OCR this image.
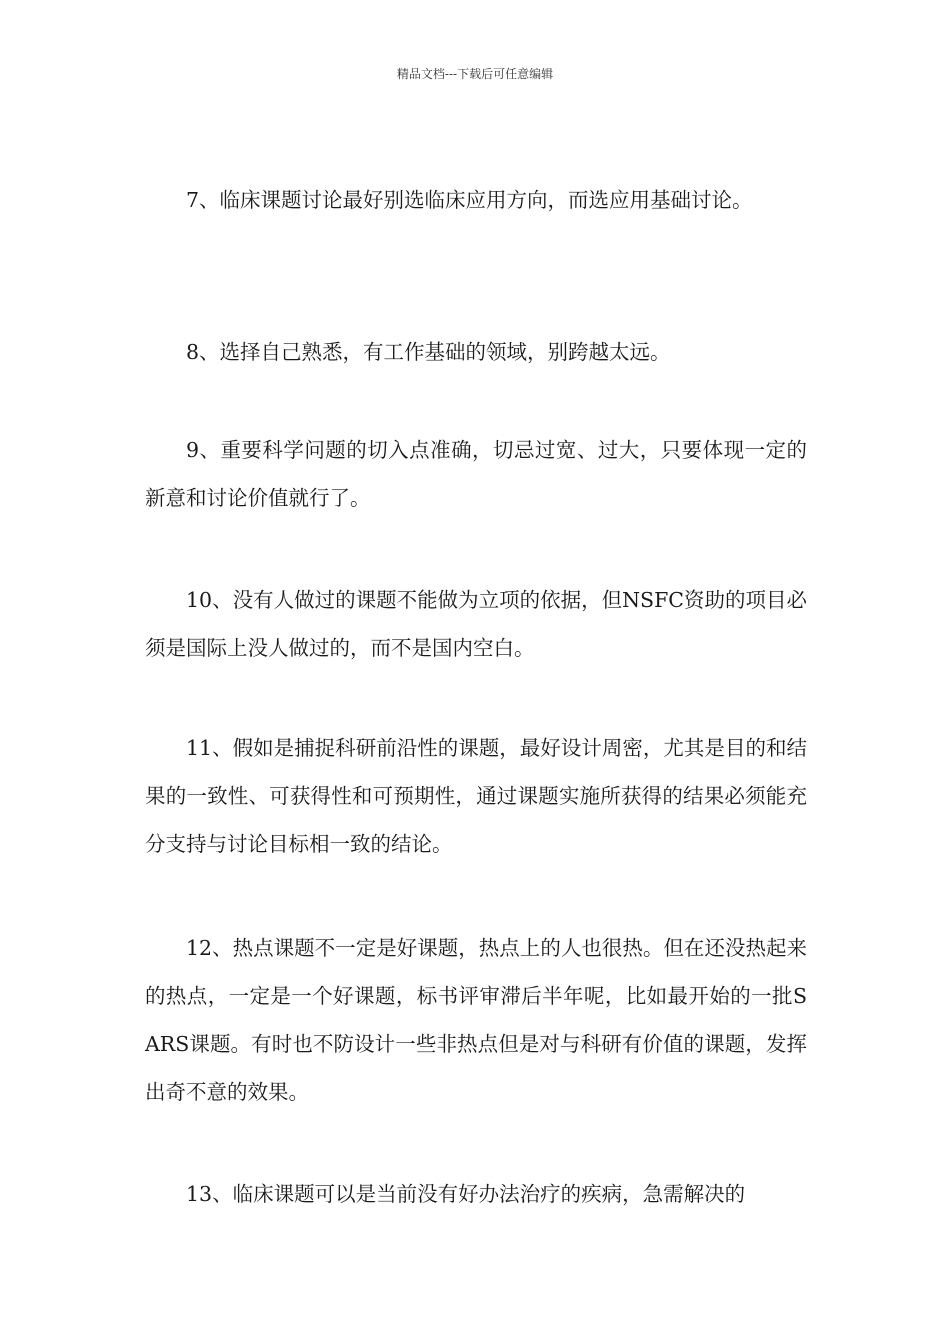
精品文档---下载后可任意编辑

7、临床课题讨论最好别选临床应用方向，而选应用基础讨论。

8、选择自己熟悉，有工作基础的领域，别跨越太远。

9、重要科学问题的切入点准确，切忌过宽、过大，只要体现一定的新意和讨论价值就行了。

10、没有人做过的课题不能做为立项的依据，但NSFC资助的项目必须是国际上没人做过的，而不是国内空白。

11、假如是捕捉科研前沿性的课题，最好设计周密，尤其是目的和结果的一致性、可获得性和可预期性，通过课题实施所获得的结果必须能充分支持与讨论目标相一致的结论。

12、热点课题不一定是好课题，热点上的人也很热。但在还没热起来的热点，一定是一个好课题，标书评审滞后半年呢，比如最开始的一批SARS课题。有时也不防设计一些非热点但是对与科研有价值的课题，发挥出奇不意的效果。

13、临床课题可以是当前没有好办法治疗的疾病，急需解决的
